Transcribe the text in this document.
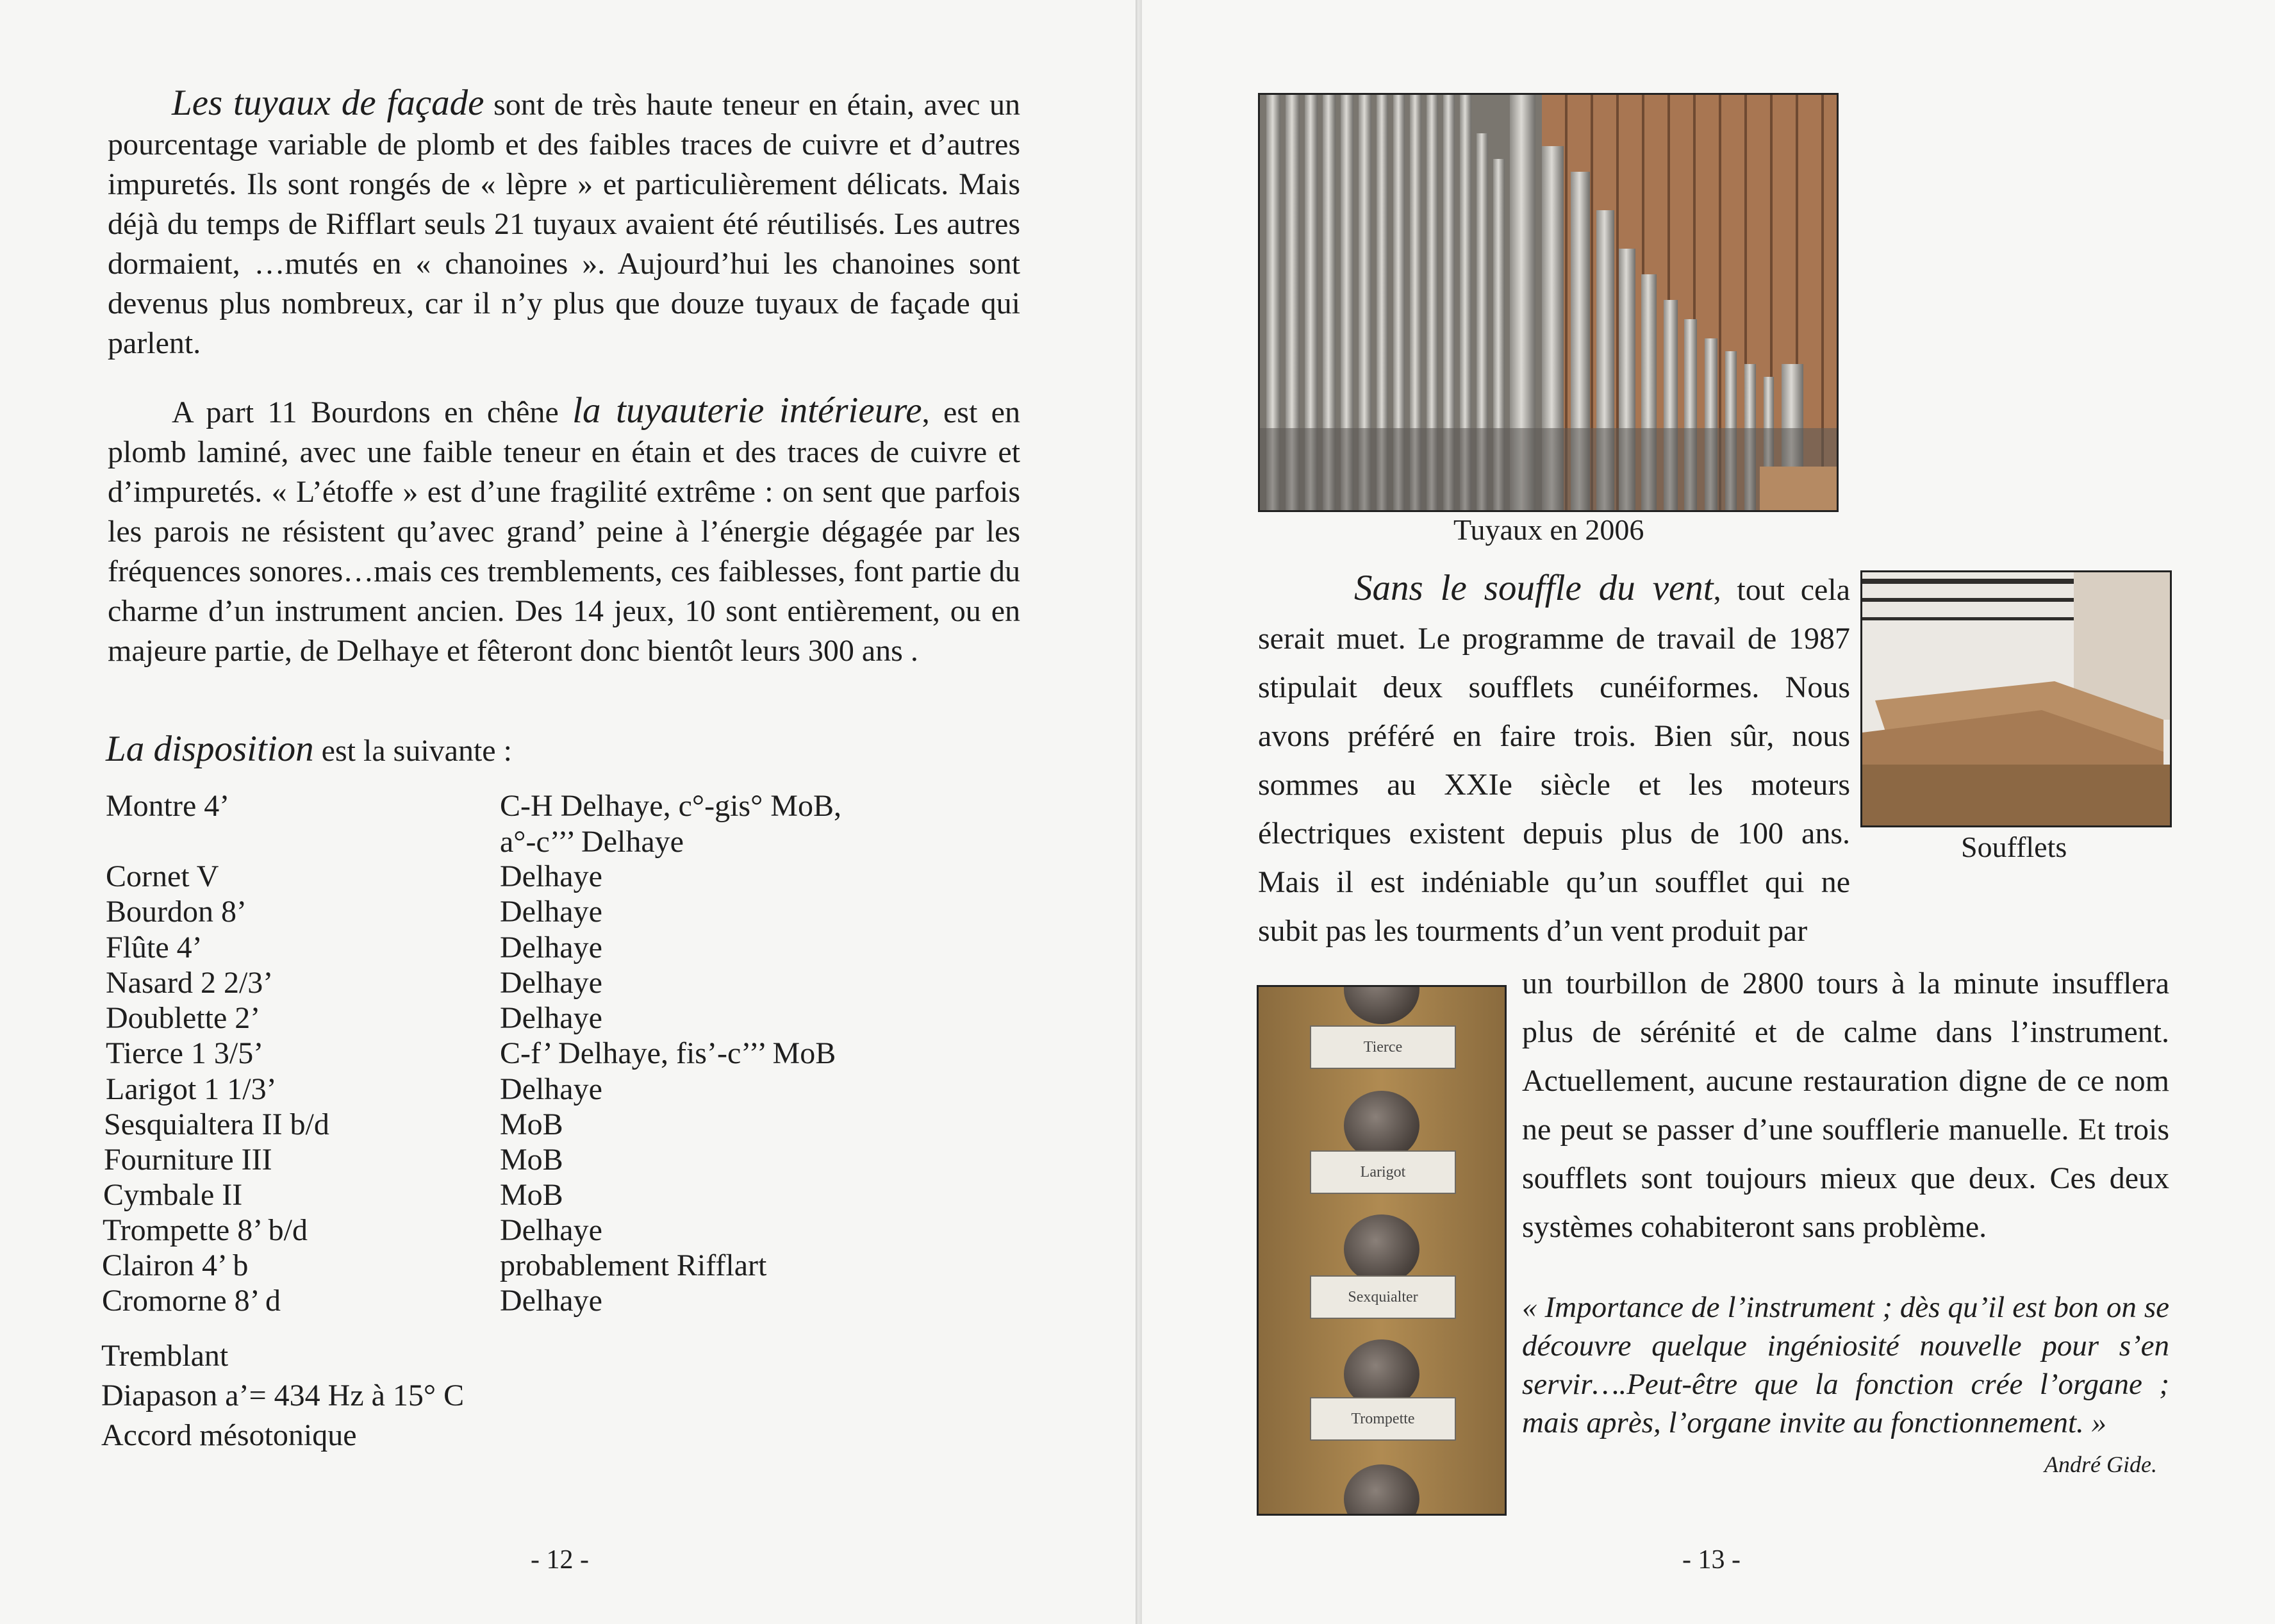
Les tuyaux de façade sont de très haute teneur en étain, avec un pourcentage variable de plomb et des faibles traces de cuivre et d’autres impuretés. Ils sont rongés de « lèpre » et particulièrement délicats. Mais déjà du temps de Rifflart seuls 21 tuyaux avaient été réutilisés. Les autres dormaient, …mutés en « chanoines ». Aujourd’hui les chanoines sont devenus plus nombreux, car il n’y plus que douze tuyaux de façade qui parlent.
A part 11 Bourdons en chêne la tuyauterie intérieure, est en plomb laminé, avec une faible teneur en étain et des traces de cuivre et d’impuretés. « L’étoffe » est d’une fragilité extrême : on sent que parfois les parois ne résistent qu’avec grand’ peine à l’énergie dégagée par les fréquences sonores…mais ces tremblements, ces faiblesses, font partie du charme d’un instrument ancien. Des 14 jeux, 10 sont entièrement, ou en majeure partie, de Delhaye et fêteront donc bientôt leurs 300 ans .
La disposition est la suivante :
Montre 4’	C-H Delhaye, c°-gis° MoB,
a°-c’’’ Delhaye
Cornet V	Delhaye
Bourdon 8’	Delhaye
Flûte 4’	Delhaye
Nasard 2 2/3’	Delhaye
Doublette 2’	Delhaye
Tierce 1 3/5’	C-f’ Delhaye, fis’-c’’’ MoB
Larigot 1 1/3’	Delhaye
Sesquialtera II b/d	MoB
Fourniture III	MoB
Cymbale II	MoB
Trompette 8’ b/d	Delhaye
Clairon 4’ b	probablement Rifflart
Cromorne 8’ d	Delhaye
Tremblant
Diapason a’= 434 Hz à 15° C
Accord mésotonique
- 12 -
Tuyaux en 2006
Soufflets
Sans le souffle du vent, tout cela serait muet. Le programme de travail de 1987 stipulait deux soufflets cunéiformes. Nous avons préféré en faire trois. Bien sûr, nous sommes au XXIe siècle et les moteurs électriques existent depuis plus de 100 ans. Mais il est indéniable qu’un soufflet qui ne subit pas les tourments d’un vent produit par
Tierce
Larigot
Sexquialter
Trompette
un tourbillon de 2800 tours à la minute insufflera plus de sérénité et de calme dans l’instrument. Actuellement, aucune restauration digne de ce nom ne peut se passer d’une soufflerie manuelle. Et trois soufflets sont toujours mieux que deux. Ces deux systèmes cohabiteront sans problème.
« Importance de l’instrument ; dès qu’il est bon on se découvre quelque ingéniosité nouvelle pour s’en servir….Peut-être que la fonction crée l’organe ; mais après, l’organe invite au fonctionnement. »
André Gide.
- 13 -
